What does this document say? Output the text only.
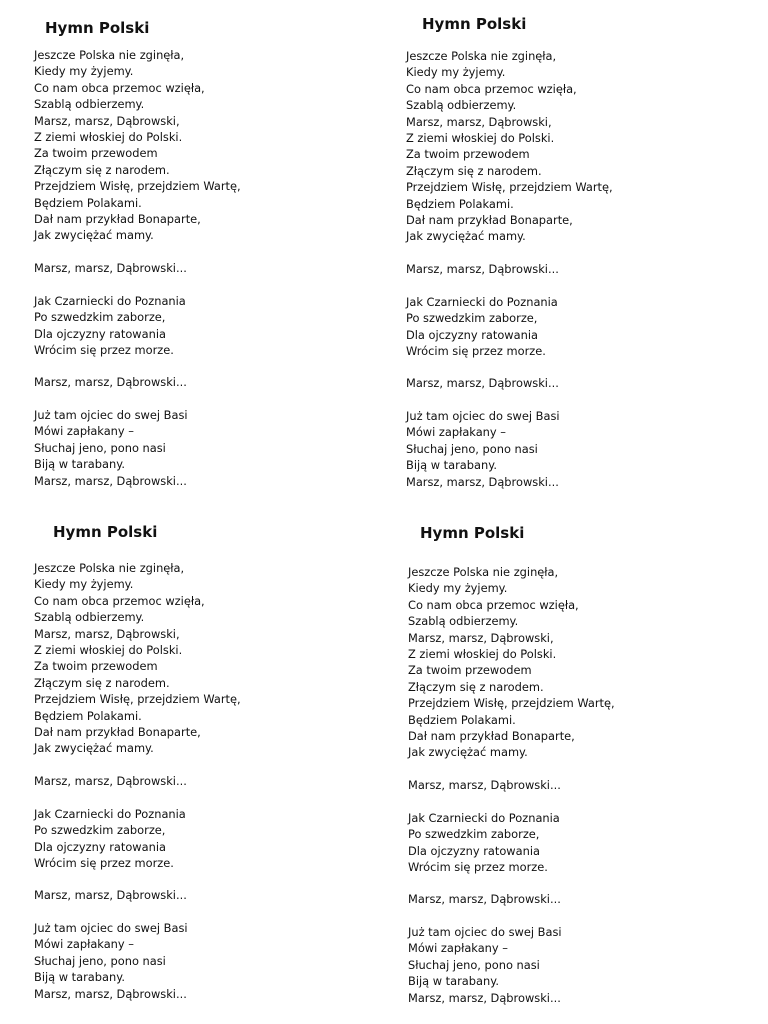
Hymn Polski
Jeszcze Polska nie zginęła,
Kiedy my żyjemy.
Co nam obca przemoc wzięła,
Szablą odbierzemy.
Marsz, marsz, Dąbrowski,
Z ziemi włoskiej do Polski.
Za twoim przewodem
Złączym się z narodem.
Przejdziem Wisłę, przejdziem Wartę,
Będziem Polakami.
Dał nam przykład Bonaparte,
Jak zwyciężać mamy.
Marsz, marsz, Dąbrowski...
Jak Czarniecki do Poznania
Po szwedzkim zaborze,
Dla ojczyzny ratowania
Wrócim się przez morze.
Marsz, marsz, Dąbrowski...
Już tam ojciec do swej Basi
Mówi zapłakany –
Słuchaj jeno, pono nasi
Biją w tarabany.
Marsz, marsz, Dąbrowski...
Hymn Polski
Jeszcze Polska nie zginęła,
Kiedy my żyjemy.
Co nam obca przemoc wzięła,
Szablą odbierzemy.
Marsz, marsz, Dąbrowski,
Z ziemi włoskiej do Polski.
Za twoim przewodem
Złączym się z narodem.
Przejdziem Wisłę, przejdziem Wartę,
Będziem Polakami.
Dał nam przykład Bonaparte,
Jak zwyciężać mamy.
Marsz, marsz, Dąbrowski...
Jak Czarniecki do Poznania
Po szwedzkim zaborze,
Dla ojczyzny ratowania
Wrócim się przez morze.
Marsz, marsz, Dąbrowski...
Już tam ojciec do swej Basi
Mówi zapłakany –
Słuchaj jeno, pono nasi
Biją w tarabany.
Marsz, marsz, Dąbrowski...
Hymn Polski
Jeszcze Polska nie zginęła,
Kiedy my żyjemy.
Co nam obca przemoc wzięła,
Szablą odbierzemy.
Marsz, marsz, Dąbrowski,
Z ziemi włoskiej do Polski.
Za twoim przewodem
Złączym się z narodem.
Przejdziem Wisłę, przejdziem Wartę,
Będziem Polakami.
Dał nam przykład Bonaparte,
Jak zwyciężać mamy.
Marsz, marsz, Dąbrowski...
Jak Czarniecki do Poznania
Po szwedzkim zaborze,
Dla ojczyzny ratowania
Wrócim się przez morze.
Marsz, marsz, Dąbrowski...
Już tam ojciec do swej Basi
Mówi zapłakany –
Słuchaj jeno, pono nasi
Biją w tarabany.
Marsz, marsz, Dąbrowski...
Hymn Polski
Jeszcze Polska nie zginęła,
Kiedy my żyjemy.
Co nam obca przemoc wzięła,
Szablą odbierzemy.
Marsz, marsz, Dąbrowski,
Z ziemi włoskiej do Polski.
Za twoim przewodem
Złączym się z narodem.
Przejdziem Wisłę, przejdziem Wartę,
Będziem Polakami.
Dał nam przykład Bonaparte,
Jak zwyciężać mamy.
Marsz, marsz, Dąbrowski...
Jak Czarniecki do Poznania
Po szwedzkim zaborze,
Dla ojczyzny ratowania
Wrócim się przez morze.
Marsz, marsz, Dąbrowski...
Już tam ojciec do swej Basi
Mówi zapłakany –
Słuchaj jeno, pono nasi
Biją w tarabany.
Marsz, marsz, Dąbrowski...
